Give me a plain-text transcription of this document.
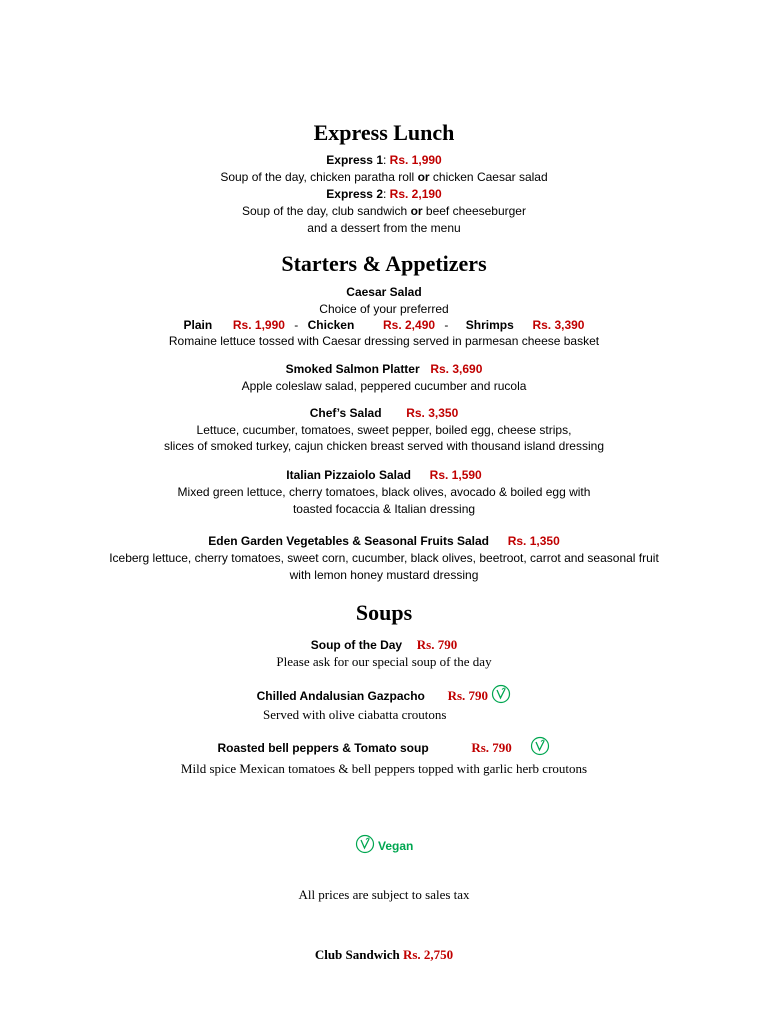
Express Lunch
Express 1: Rs. 1,990
Soup of the day, chicken paratha roll or chicken Caesar salad
Express 2: Rs. 2,190
Soup of the day, club sandwich or beef cheeseburger
and a dessert from the menu
Starters & Appetizers
Caesar Salad
Choice of your preferred
Plain Rs. 1,990 - Chicken Rs. 2,490 - Shrimps Rs. 3,390
Romaine lettuce tossed with Caesar dressing served in parmesan cheese basket
Smoked Salmon Platter Rs. 3,690
Apple coleslaw salad, peppered cucumber and rucola
Chef’s Salad Rs. 3,350
Lettuce, cucumber, tomatoes, sweet pepper, boiled egg, cheese strips,
slices of smoked turkey, cajun chicken breast served with thousand island dressing
Italian Pizzaiolo Salad Rs. 1,590
Mixed green lettuce, cherry tomatoes, black olives, avocado & boiled egg with
toasted focaccia & Italian dressing
Eden Garden Vegetables & Seasonal Fruits Salad Rs. 1,350
Iceberg lettuce, cherry tomatoes, sweet corn, cucumber, black olives, beetroot, carrot and seasonal fruit
with lemon honey mustard dressing
Soups
Soup of the Day Rs. 790
Please ask for our special soup of the day
Chilled Andalusian Gazpacho Rs. 790
Served with olive ciabatta croutons
Roasted bell peppers & Tomato soup	Rs. 790
Mild spice Mexican tomatoes & bell peppers topped with garlic herb croutons
Vegan
All prices are subject to sales tax
Club Sandwich Rs. 2,750
